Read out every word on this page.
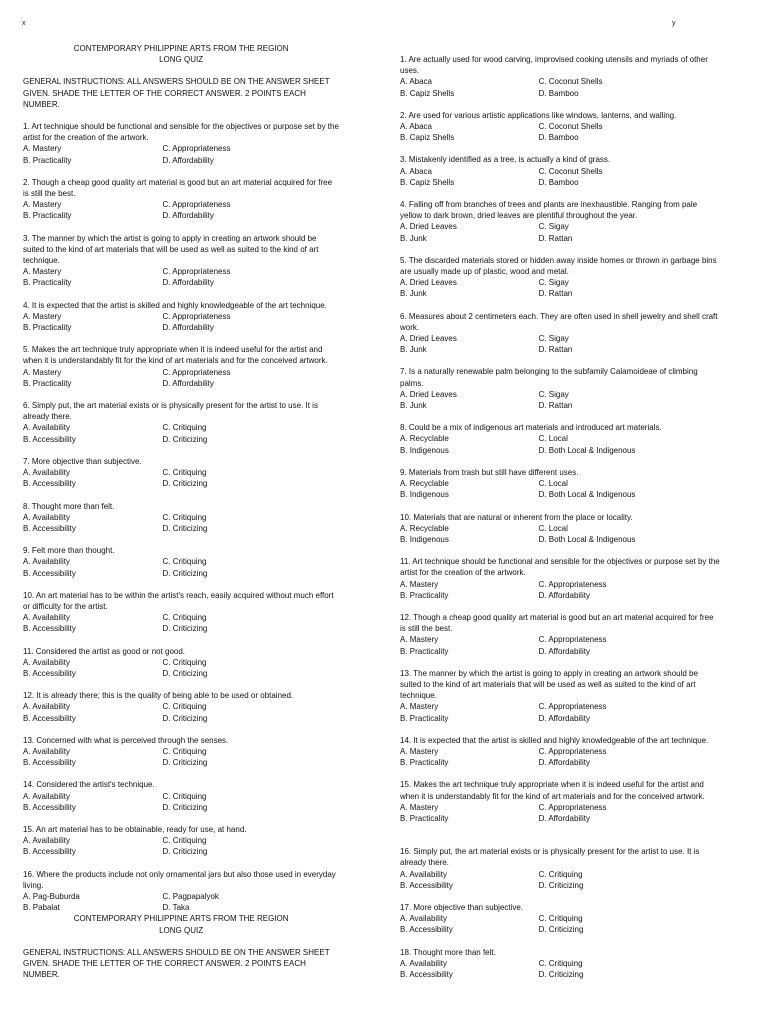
x	y
CONTEMPORARY PHILIPPINE ARTS FROM THE REGION
LONG QUIZ
GENERAL INSTRUCTIONS: ALL ANSWERS SHOULD BE ON THE ANSWER SHEET GIVEN. SHADE THE LETTER OF THE CORRECT ANSWER. 2 POINTS EACH NUMBER.
1. Art technique should be functional and sensible for the objectives or purpose set by the artist for the creation of the artwork.
A. Mastery	C. Appropriateness
B. Practicality	D. Affordability
2. Though a cheap good quality art material is good but an art material acquired for free is still the best.
A. Mastery	C. Appropriateness
B. Practicality	D. Affordability
3. The manner by which the artist is going to apply in creating an artwork should be suited to the kind of art materials that will be used as well as suited to the kind of art technique.
A. Mastery	C. Appropriateness
B. Practicality	D. Affordability
4. It is expected that the artist is skilled and highly knowledgeable of the art technique.
A. Mastery	C. Appropriateness
B. Practicality	D. Affordability
5. Makes the art technique truly appropriate when it is indeed useful for the artist and when it is understandably fit for the kind of art materials and for the conceived artwork.
A. Mastery	C. Appropriateness
B. Practicality	D. Affordability
6. Simply put, the art material exists or is physically present for the artist to use. It is already there.
A. Availability	C. Critiquing
B. Accessibility	D. Criticizing
7. More objective than subjective.
A. Availability	C. Critiquing
B. Accessibility	D. Criticizing
8. Thought more than felt.
A. Availability	C. Critiquing
B. Accessibility	D. Criticizing
9. Felt more than thought.
A. Availability	C. Critiquing
B. Accessibility	D. Criticizing
10. An art material has to be within the artist's reach, easily acquired without much effort or difficulty for the artist.
A. Availability	C. Critiquing
B. Accessibility	D. Criticizing
11. Considered the artist as good or not good.
A. Availability	C. Critiquing
B. Accessibility	D. Criticizing
12. It is already there; this is the quality of being able to be used or obtained.
A. Availability	C. Critiquing
B. Accessibility	D. Criticizing
13. Concerned with what is perceived through the senses.
A. Availability	C. Critiquing
B. Accessibility	D. Criticizing
14. Considered the artist's technique.
A. Availability	C. Critiquing
B. Accessibility	D. Criticizing
15. An art material has to be obtainable, ready for use, at hand.
A. Availability	C. Critiquing
B. Accessibility	D. Criticizing
16. Where the products include not only ornamental jars but also those used in everyday living.
A. Pag-Buburda	C. Pagpapalyok
B. Pabalat	D. Taka
CONTEMPORARY PHILIPPINE ARTS FROM THE REGION
LONG QUIZ
GENERAL INSTRUCTIONS: ALL ANSWERS SHOULD BE ON THE ANSWER SHEET GIVEN. SHADE THE LETTER OF THE CORRECT ANSWER. 2 POINTS EACH NUMBER.
1. Are actually used for wood carving, improvised cooking utensils and myriads of other uses.
A. Abaca	C. Coconut Shells
B. Capiz Shells	D. Bamboo
2. Are used for various artistic applications like windows, lanterns, and walling.
A. Abaca	C. Coconut Shells
B. Capiz Shells	D. Bamboo
3. Mistakenly identified as a tree, is actually a kind of grass.
A. Abaca	C. Coconut Shells
B. Capiz Shells	D. Bamboo
4. Falling off from branches of trees and plants are inexhaustible. Ranging from pale yellow to dark brown, dried leaves are plentiful throughout the year.
A. Dried Leaves	C. Sigay
B. Junk	D. Rattan
5. The discarded materials stored or hidden away inside homes or thrown in garbage bins are usually made up of plastic, wood and metal.
A. Dried Leaves	C. Sigay
B. Junk	D. Rattan
6. Measures about 2 centimeters each. They are often used in shell jewelry and shell craft work.
A. Dried Leaves	C. Sigay
B. Junk	D. Rattan
7. Is a naturally renewable palm belonging to the subfamily Calamoideae of climbing palms.
A. Dried Leaves	C. Sigay
B. Junk	D. Rattan
8. Could be a mix of indigenous art materials and introduced art materials.
A. Recyclable	C. Local
B. Indigenous	D. Both Local & Indigenous
9. Materials from trash but still have different uses.
A. Recyclable	C. Local
B. Indigenous	D. Both Local & Indigenous
10. Materials that are natural or inherent from the place or locality.
A. Recyclable	C. Local
B. Indigenous	D. Both Local & Indigenous
11. Art technique should be functional and sensible for the objectives or purpose set by the artist for the creation of the artwork.
A. Mastery	C. Appropriateness
B. Practicality	D. Affordability
12. Though a cheap good quality art material is good but an art material acquired for free is still the best.
A. Mastery	C. Appropriateness
B. Practicality	D. Affordability
13. The manner by which the artist is going to apply in creating an artwork should be suited to the kind of art materials that will be used as well as suited to the kind of art technique.
A. Mastery	C. Appropriateness
B. Practicality	D. Affordability
14. It is expected that the artist is skilled and highly knowledgeable of the art technique.
A. Mastery	C. Appropriateness
B. Practicality	D. Affordability
15. Makes the art technique truly appropriate when it is indeed useful for the artist and when it is understandably fit for the kind of art materials and for the conceived artwork.
A. Mastery	C. Appropriateness
B. Practicality	D. Affordability
16. Simply put, the art material exists or is physically present for the artist to use. It is already there.
A. Availability	C. Critiquing
B. Accessibility	D. Criticizing
17. More objective than subjective.
A. Availability	C. Critiquing
B. Accessibility	D. Criticizing
18. Thought more than felt.
A. Availability	C. Critiquing
B. Accessibility	D. Criticizing
